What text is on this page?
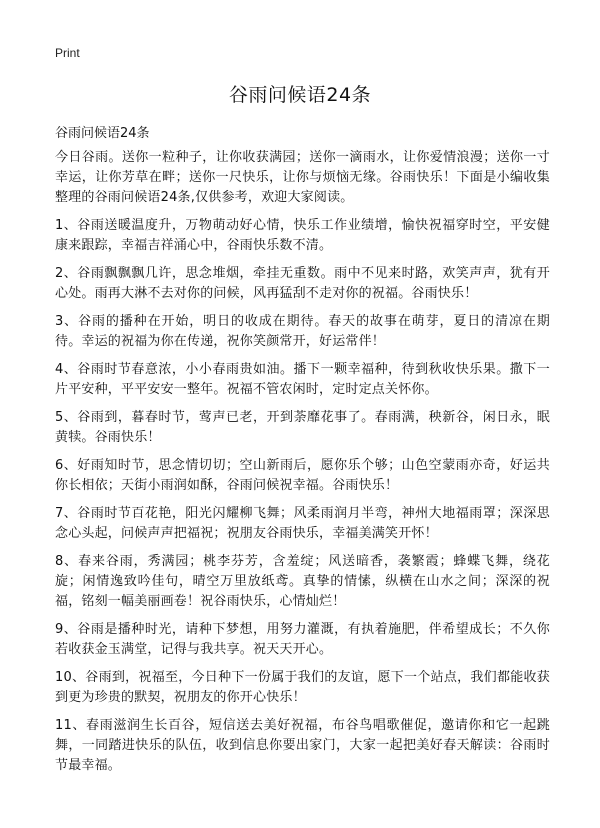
Print
谷雨问候语24条
谷雨问候语24条

今日谷雨。送你一粒种子，让你收获满园；送你一滴雨水，让你爱情浪漫；送你一寸幸运，让你芳草在畔；送你一尺快乐，让你与烦恼无缘。谷雨快乐！下面是小编收集整理的谷雨问候语24条,仅供参考，欢迎大家阅读。

1、谷雨送暖温度升，万物萌动好心情，快乐工作业绩增，愉快祝福穿时空，平安健康来跟踪，幸福吉祥涌心中，谷雨快乐数不清。

2、谷雨飘飘飘几许，思念堆烟，牵挂无重数。雨中不见来时路，欢笑声声，犹有开心处。雨再大淋不去对你的问候，风再猛刮不走对你的祝福。谷雨快乐！

3、谷雨的播种在开始，明日的收成在期待。春天的故事在萌芽，夏日的清凉在期待。幸运的祝福为你在传递，祝你笑颜常开，好运常伴！

4、谷雨时节春意浓，小小春雨贵如油。播下一颗幸福种，待到秋收快乐果。撒下一片平安种，平平安安一整年。祝福不管农闲时，定时定点关怀你。

5、谷雨到，暮春时节，莺声已老，开到荼靡花事了。春雨满，秧新谷，闲日永，眠黄犊。谷雨快乐！

6、好雨知时节，思念情切切；空山新雨后，愿你乐个够；山色空蒙雨亦奇，好运共你长相依；天街小雨润如酥，谷雨问候祝幸福。谷雨快乐！

7、谷雨时节百花艳，阳光闪耀柳飞舞；风柔雨润月半弯，神州大地福雨罩；深深思念心头起，问候声声把福祝；祝朋友谷雨快乐，幸福美满笑开怀！

8、春来谷雨，秀满园；桃李芬芳，含羞绽；风送暗香，袭繁霞；蜂蝶飞舞，绕花旋；闲情逸致吟佳句，晴空万里放纸鸢。真挚的情愫，纵横在山水之间；深深的祝福，铭刻一幅美丽画卷！祝谷雨快乐，心情灿烂！

9、谷雨是播种时光，请种下梦想，用努力灌溉，有执着施肥，伴希望成长；不久你若收获金玉满堂，记得与我共享。祝天天开心。

10、谷雨到，祝福至，今日种下一份属于我们的友谊，愿下一个站点，我们都能收获到更为珍贵的默契，祝朋友的你开心快乐！

11、春雨滋润生长百谷，短信送去美好祝福，布谷鸟唱歌催促，邀请你和它一起跳舞，一同踏进快乐的队伍，收到信息你要出家门，大家一起把美好春天解读：谷雨时节最幸福。
